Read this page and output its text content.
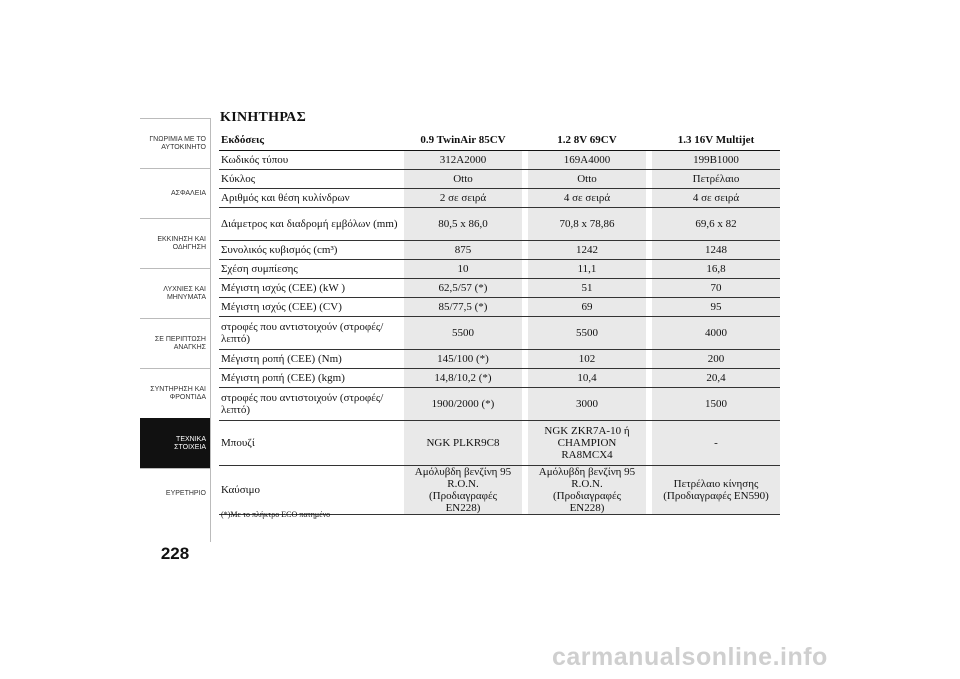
ΓΝΩΡΙΜΙΑ ΜΕ ΤΟ
ΑΥΤΟΚΙΝΗΤΟ
ΑΣΦΑΛΕΙΑ
ΕΚΚΙΝΗΣΗ ΚΑΙ
ΟΔΗΓΗΣΗ
ΛΥΧΝΙΕΣ ΚΑΙ
ΜΗΝΥΜΑΤΑ
ΣΕ ΠΕΡΙΠΤΩΣΗ
ΑΝΑΓΚΗΣ
ΣΥΝΤΗΡΗΣΗ ΚΑΙ
ΦΡΟΝΤΙΔΑ
ΤΕΧΝΙΚΑ
ΣΤΟΙΧΕΙΑ
ΕΥΡΕΤΗΡΙΟ
228
ΚΙΝΗΤΗΡΑΣ
Εκδόσεις	0.9 TwinAir 85CV		1.2 8V 69CV		1.3 16V Multijet
Κωδικός τύπου	312A2000		169A4000		199B1000
Κύκλος	Otto		Otto		Πετρέλαιο
Αριθμός και θέση κυλίνδρων	2 σε σειρά		4 σε σειρά		4 σε σειρά
Διάμετρος και διαδρομή εμβόλων (mm)	80,5 x 86,0		70,8 x 78,86		69,6 x 82
Συνολικός κυβισμός (cm³)	875		1242		1248
Σχέση συμπίεσης	10		11,1		16,8
Μέγιστη ισχύς (CEE) (kW )	62,5/57 (*)		51		70
Μέγιστη ισχύς (CEE) (CV)	85/77,5 (*)		69		95
στροφές που αντιστοιχούν (στροφές/ λεπτό)	5500		5500		4000
Μέγιστη ροπή (CEE) (Nm)	145/100 (*)		102		200
Μέγιστη ροπή (CEE) (kgm)	14,8/10,2 (*)		10,4		20,4
στροφές που αντιστοιχούν (στροφές/ λεπτό)	1900/2000 (*)		3000		1500
Μπουζί	NGK PLKR9C8		NGK ZKR7A-10 ή CHAMPION RA8MCX4		-
Καύσιμο	Αμόλυβδη βενζίνη 95 R.O.N. (Προδιαγραφές EN228)		Αμόλυβδη βενζίνη 95 R.O.N. (Προδιαγραφές EN228)		Πετρέλαιο κίνησης (Προδιαγραφές EN590)
(*)Με το πλήκτρο ECO πατημένο
carmanualsonline.info
